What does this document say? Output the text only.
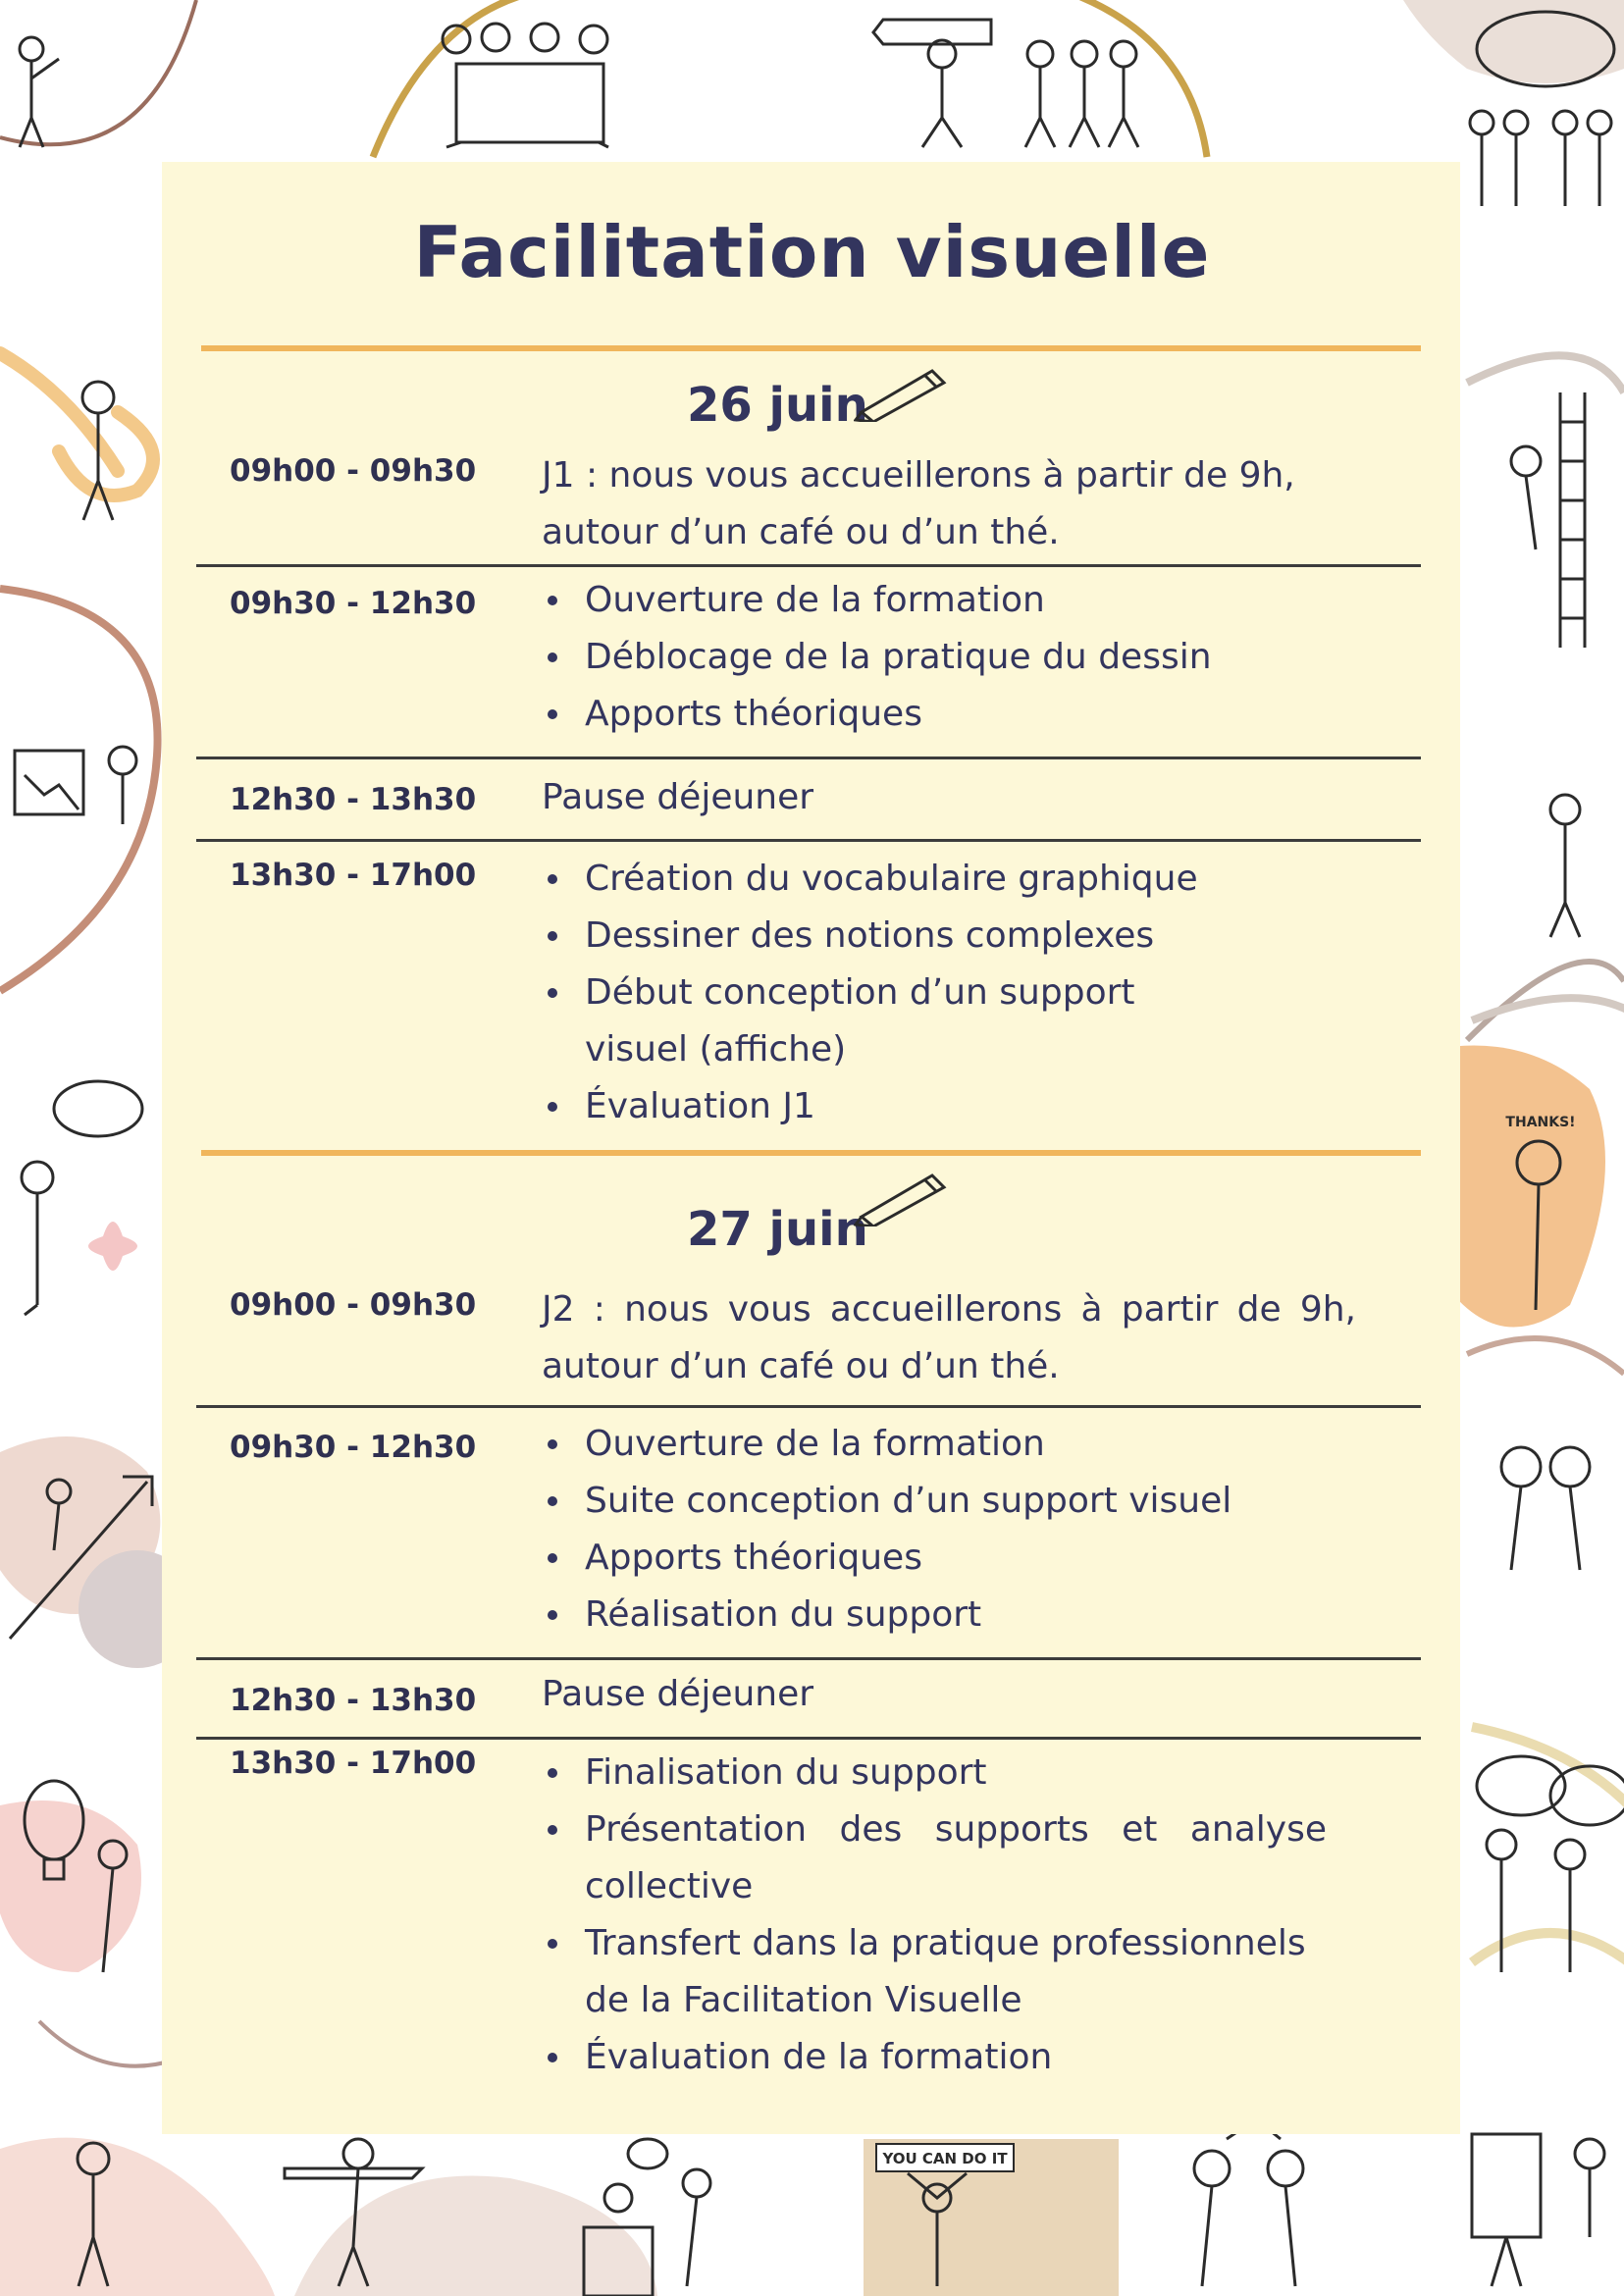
YOU CAN DO IT
THANKS!
Facilitation visuelle
26 juin
09h00 - 09h30 J1 : nous vous accueillerons à partir de 9h, autour d’un café ou d’un thé.
09h30 - 12h30	Ouverture de la formation
Déblocage de la pratique du dessin
Apports théoriques
12h30 - 13h30 Pause déjeuner
13h30 - 17h00	Création du vocabulaire graphique
Dessiner des notions complexes
Début conception d’un support visuel (affiche)
Évaluation J1
27 juin
09h00 - 09h30 J2 : nous vous accueillerons à partir de 9h, autour d’un café ou d’un thé.
09h30 - 12h30	Ouverture de la formation
Suite conception d’un support visuel
Apports théoriques
Réalisation du support
12h30 - 13h30 Pause déjeuner
13h30 - 17h00	Finalisation du support
Présentation des supports et analyse collective
Transfert dans la pratique professionnels de la Facilitation Visuelle
Évaluation de la formation
